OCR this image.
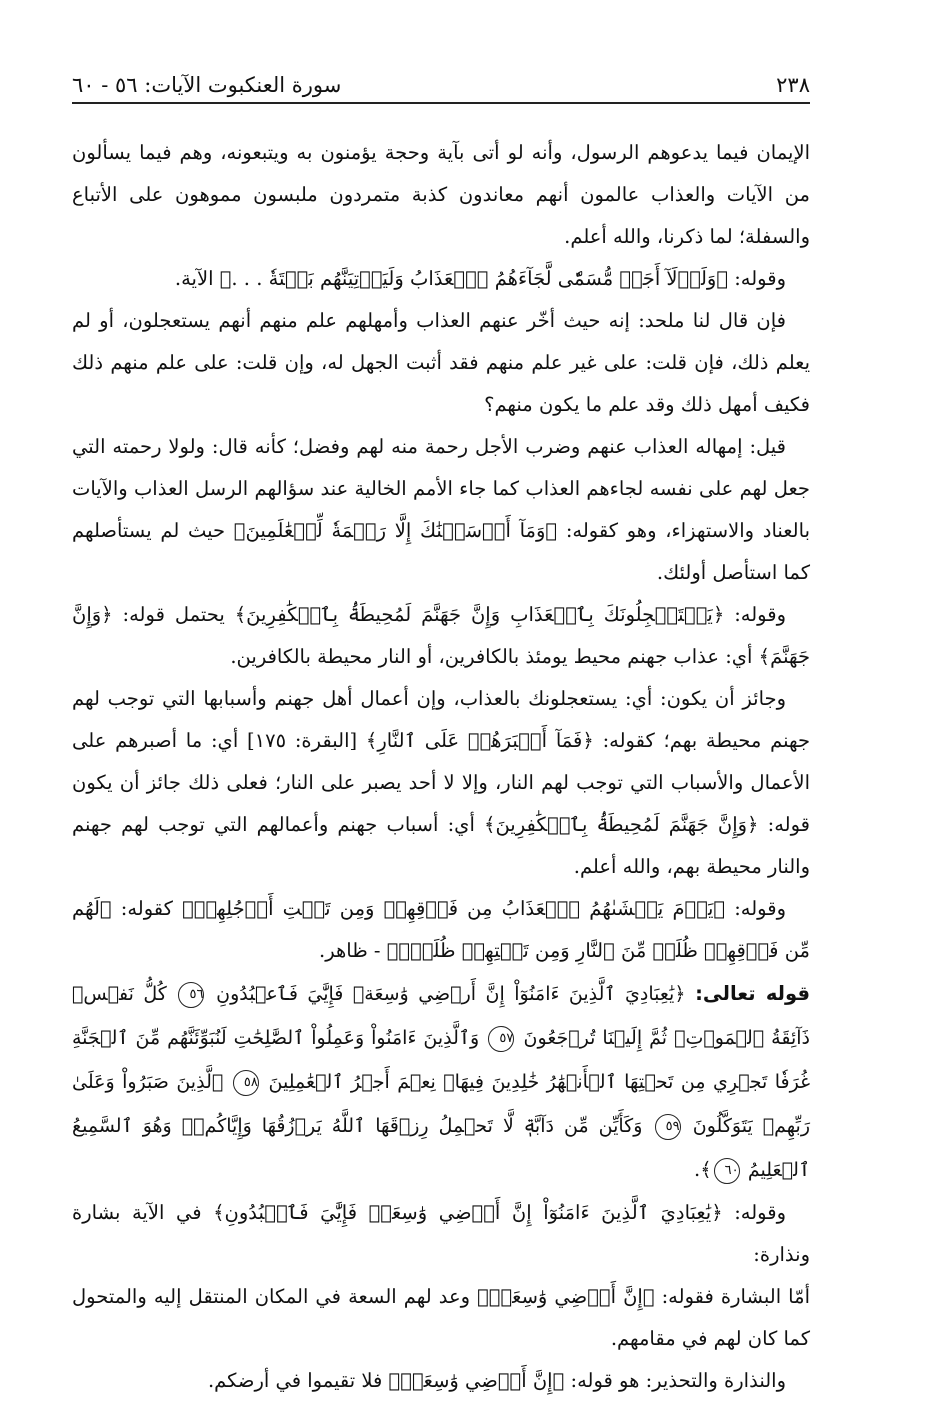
٢٣٨
سورة العنكبوت الآيات: ٥٦ - ٦٠

الإيمان فيما يدعوهم الرسول، وأنه لو أتى بآية وحجة يؤمنون به ويتبعونه، وهم فيما يسألون من الآيات والعذاب عالمون أنهم معاندون كذبة متمردون ملبسون مموهون على الأتباع والسفلة؛ لما ذكرنا، والله أعلم.

وقوله: ﴿وَلَوۡلَآ أَجَلٞ مُّسَمّٗى لَّجَآءَهُمُ ٱلۡعَذَابُ وَلَيَأۡتِيَنَّهُم بَغۡتَةٗ . . .﴾ الآية.

فإن قال لنا ملحد: إنه حيث أخّر عنهم العذاب وأمهلهم علم منهم أنهم يستعجلون، أو لم يعلم ذلك، فإن قلت: على غير علم منهم فقد أثبت الجهل له، وإن قلت: على علم منهم ذلك فكيف أمهل ذلك وقد علم ما يكون منهم؟

قيل: إمهاله العذاب عنهم وضرب الأجل رحمة منه لهم وفضل؛ كأنه قال: ولولا رحمته التي جعل لهم على نفسه لجاءهم العذاب كما جاء الأمم الخالية عند سؤالهم الرسل العذاب والآيات بالعناد والاستهزاء، وهو كقوله: ﴿وَمَآ أَرۡسَلۡنَٰكَ إِلَّا رَحۡمَةٗ لِّلۡعَٰلَمِينَ﴾ حيث لم يستأصلهم كما استأصل أولئك.

وقوله: ﴿يَسۡتَعۡجِلُونَكَ بِٱلۡعَذَابِ وَإِنَّ جَهَنَّمَ لَمُحِيطَةُۢ بِٱلۡكَٰفِرِينَ﴾ يحتمل قوله: ﴿وَإِنَّ جَهَنَّمَ﴾ أي: عذاب جهنم محيط يومئذ بالكافرين، أو النار محيطة بالكافرين.

وجائز أن يكون: أي: يستعجلونك بالعذاب، وإن أعمال أهل جهنم وأسبابها التي توجب لهم جهنم محيطة بهم؛ كقوله: ﴿فَمَآ أَصۡبَرَهُمۡ عَلَى ٱلنَّارِ﴾ [البقرة: ١٧٥] أي: ما أصبرهم على الأعمال والأسباب التي توجب لهم النار، وإلا لا أحد يصبر على النار؛ فعلى ذلك جائز أن يكون قوله: ﴿وَإِنَّ جَهَنَّمَ لَمُحِيطَةُۢ بِٱلۡكَٰفِرِينَ﴾ أي: أسباب جهنم وأعمالهم التي توجب لهم جهنم والنار محيطة بهم، والله أعلم.

وقوله: ﴿يَوۡمَ يَغۡشَىٰهُمُ ٱلۡعَذَابُ مِن فَوۡقِهِمۡ وَمِن تَحۡتِ أَرۡجُلِهِمۡ﴾ كقوله: ﴿لَهُم مِّن فَوۡقِهِمۡ ظُلَلٞ مِّنَ ٱلنَّارِ وَمِن تَحۡتِهِمۡ ظُلَلٞۚ﴾ - ظاهر.

قوله تعالى: ﴿يَٰعِبَادِيَ ٱلَّذِينَ ءَامَنُوٓاْ إِنَّ أَرۡضِي وَٰسِعَةٞ فَإِيَّٰيَ فَٱعۡبُدُونِ ٥٦ كُلُّ نَفۡسٖ ذَآئِقَةُ ٱلۡمَوۡتِۖ ثُمَّ إِلَيۡنَا تُرۡجَعُونَ ٥٧ وَٱلَّذِينَ ءَامَنُواْ وَعَمِلُواْ ٱلصَّٰلِحَٰتِ لَنُبَوِّئَنَّهُم مِّنَ ٱلۡجَنَّةِ غُرَفٗا تَجۡرِي مِن تَحۡتِهَا ٱلۡأَنۡهَٰرُ خَٰلِدِينَ فِيهَاۚ نِعۡمَ أَجۡرُ ٱلۡعَٰمِلِينَ ٥٨ ٱلَّذِينَ صَبَرُواْ وَعَلَىٰ رَبِّهِمۡ يَتَوَكَّلُونَ ٥٩ وَكَأَيِّن مِّن دَآبَّةٖ لَّا تَحۡمِلُ رِزۡقَهَا ٱللَّهُ يَرۡزُقُهَا وَإِيَّاكُمۡۚ وَهُوَ ٱلسَّمِيعُ ٱلۡعَلِيمُ ٦٠﴾.

وقوله: ﴿يَٰعِبَادِيَ ٱلَّذِينَ ءَامَنُوٓاْ إِنَّ أَرۡضِي وَٰسِعَةٞ فَإِيَّٰيَ فَٱعۡبُدُونِ﴾ في الآية بشارة ونذارة:

أمّا البشارة فقوله: ﴿إِنَّ أَرۡضِي وَٰسِعَةٞ﴾ وعد لهم السعة في المكان المنتقل إليه والمتحول كما كان لهم في مقامهم.

والنذارة والتحذير: هو قوله: ﴿إِنَّ أَرۡضِي وَٰسِعَةٞ﴾ فلا تقيموا في أرضكم.
